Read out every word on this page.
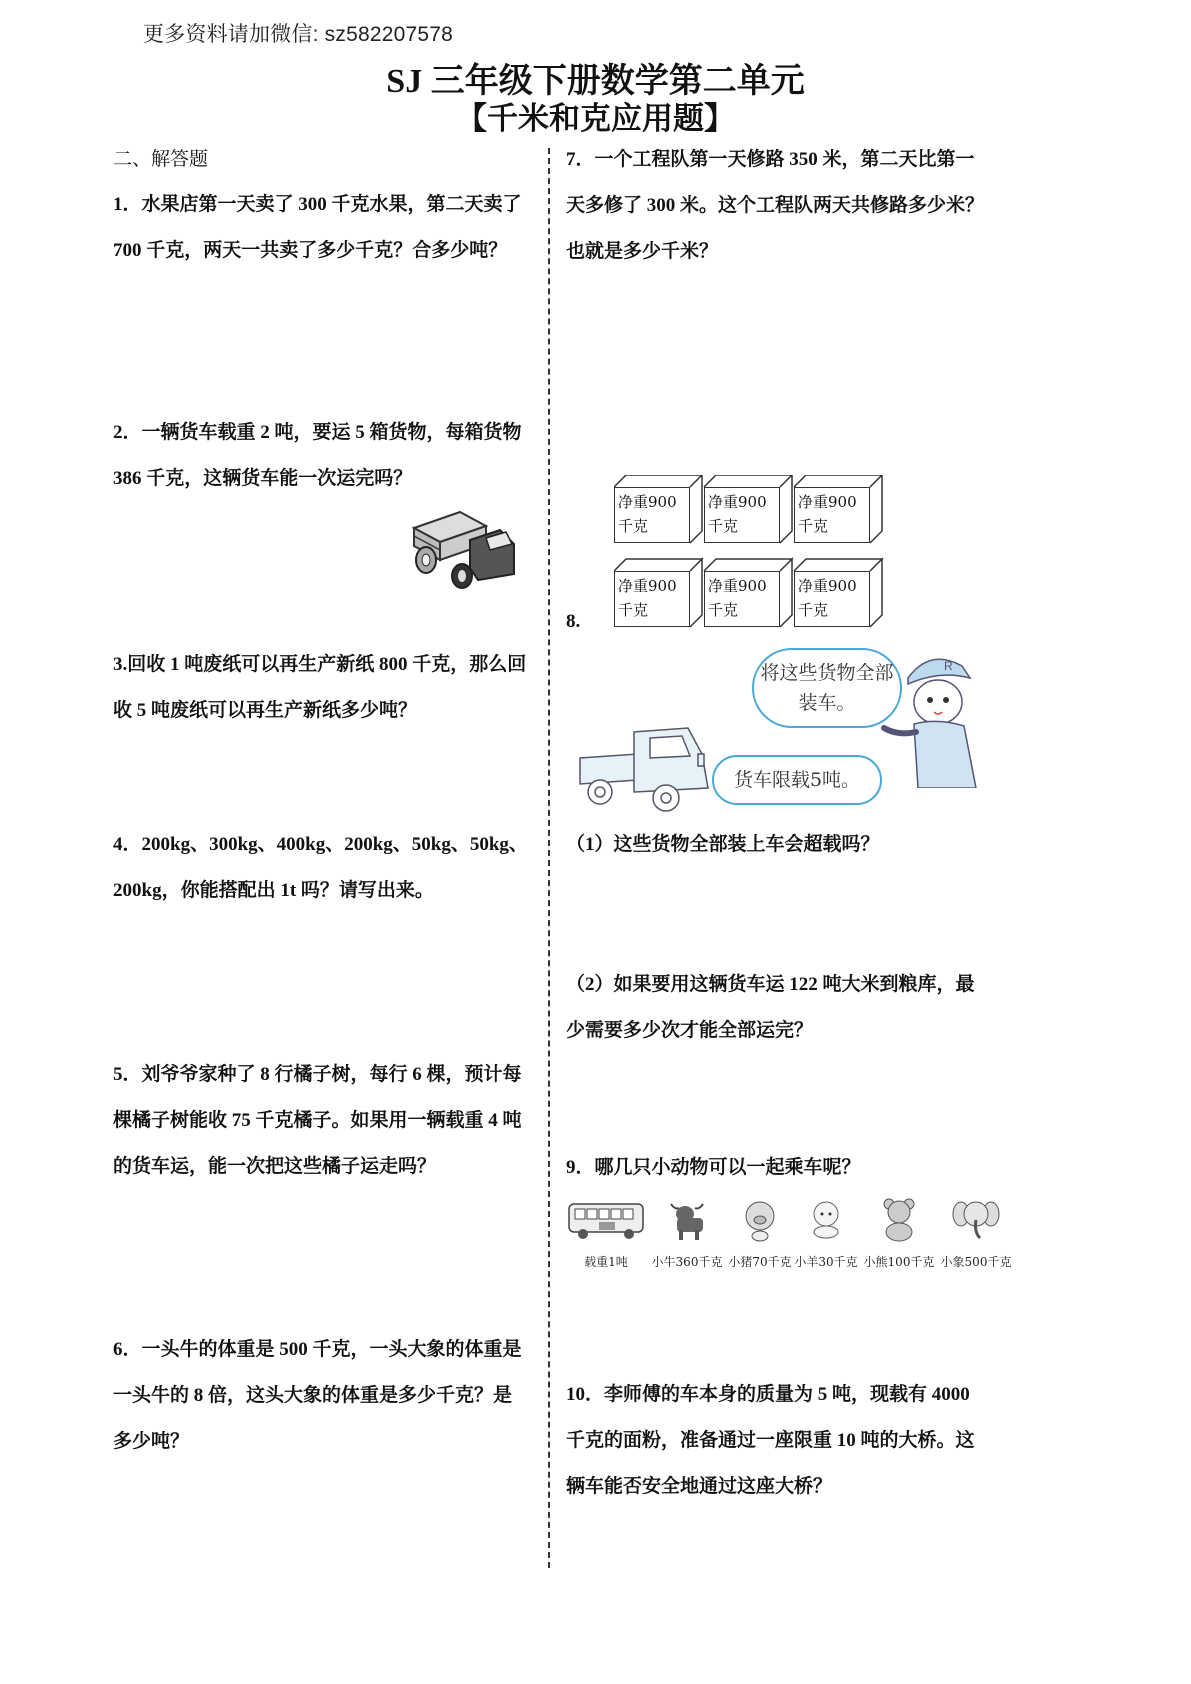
更多资料请加微信: sz582207578
SJ 三年级下册数学第二单元
【千米和克应用题】
二、解答题
1．水果店第一天卖了 300 千克水果，第二天卖了 700 千克，两天一共卖了多少千克？合多少吨？
2．一辆货车载重 2 吨，要运 5 箱货物，每箱货物 386 千克，这辆货车能一次运完吗？
3.回收 1 吨废纸可以再生产新纸 800 千克，那么回收 5 吨废纸可以再生产新纸多少吨？
4．200kg、300kg、400kg、200kg、50kg、50kg、200kg，你能搭配出 1t 吗？请写出来。
5．刘爷爷家种了 8 行橘子树，每行 6 棵，预计每棵橘子树能收 75 千克橘子。如果用一辆载重 4 吨的货车运，能一次把这些橘子运走吗？
6．一头牛的体重是 500 千克，一头大象的体重是一头牛的 8 倍，这头大象的体重是多少千克？是多少吨？
7．一个工程队第一天修路 350 米，第二天比第一天多修了 300 米。这个工程队两天共修路多少米？也就是多少千米？
净重900
千克
净重900
千克
净重900
千克
净重900
千克
净重900
千克
净重900
千克
8.
将这些货物全部装车。
货车限载5吨。
R
（1）这些货物全部装上车会超载吗？
（2）如果要用这辆货车运 122 吨大米到粮库，最少需要多少次才能全部运完？
9．哪几只小动物可以一起乘车呢？
载重1吨	小牛360千克 小猪70千克 小羊30千克 小熊100千克 小象500千克
10．李师傅的车本身的质量为 5 吨，现载有 4000 千克的面粉，准备通过一座限重 10 吨的大桥。这辆车能否安全地通过这座大桥？
